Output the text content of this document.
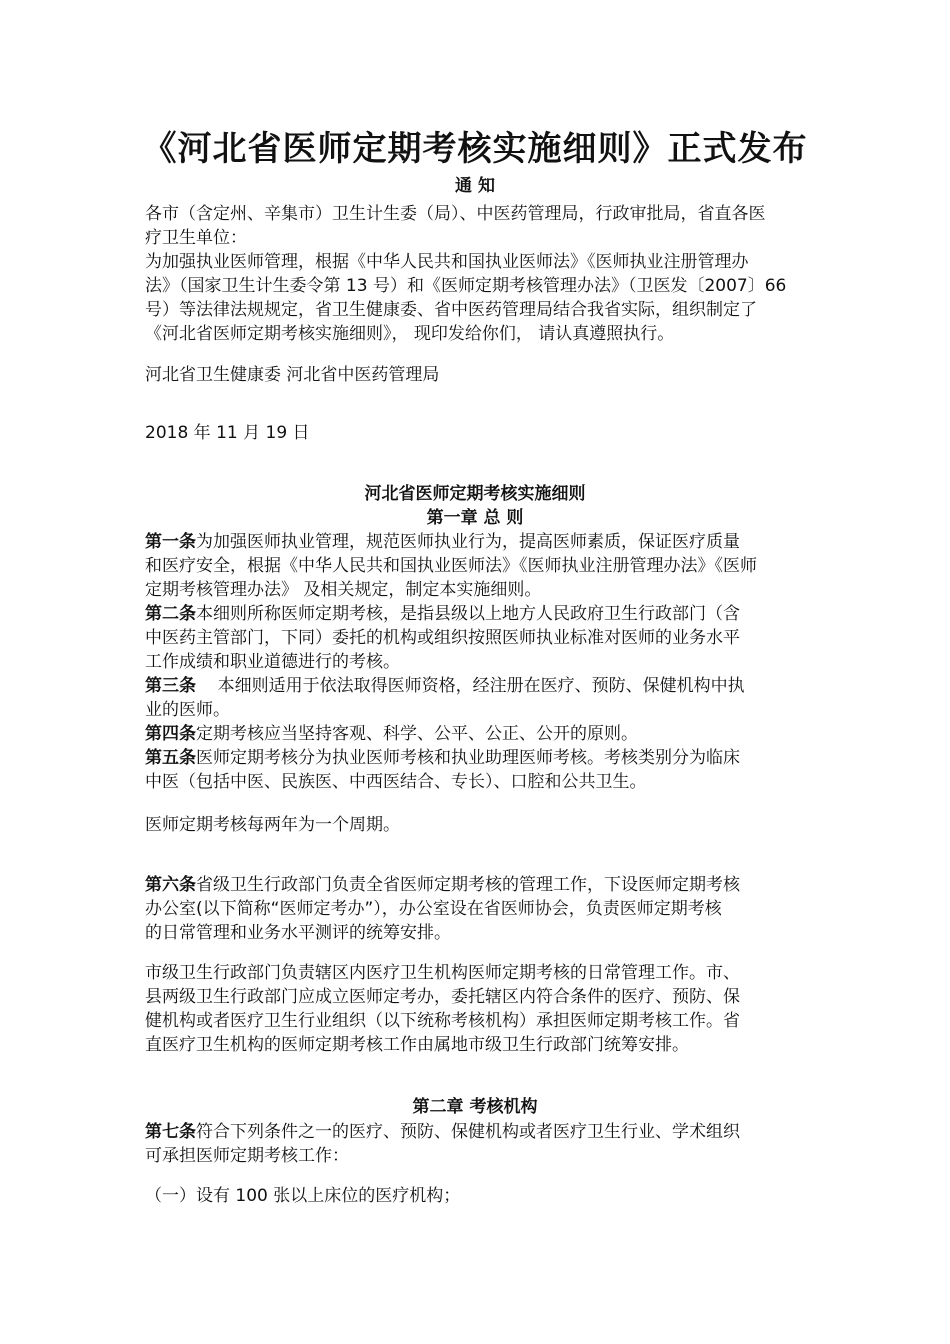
《河北省医师定期考核实施细则》正式发布
通 知
各市（含定州、辛集市）卫生计生委（局）、中医药管理局，行政审批局，省直各医
疗卫生单位：
为加强执业医师管理，根据《中华人民共和国执业医师法》《医师执业注册管理办
法》（国家卫生计生委令第 13 号）和《医师定期考核管理办法》（卫医发〔2007〕66
号）等法律法规规定，省卫生健康委、省中医药管理局结合我省实际，组织制定了
《河北省医师定期考核实施细则》， 现印发给你们， 请认真遵照执行。
河北省卫生健康委 河北省中医药管理局
2018 年 11 月 19 日
河北省医师定期考核实施细则
第一章 总 则
第一条为加强医师执业管理，规范医师执业行为，提高医师素质，保证医疗质量
和医疗安全，根据《中华人民共和国执业医师法》《医师执业注册管理办法》《医师
定期考核管理办法》 及相关规定，制定本实施细则。
第二条本细则所称医师定期考核，是指县级以上地方人民政府卫生行政部门（含
中医药主管部门，下同）委托的机构或组织按照医师执业标准对医师的业务水平
工作成绩和职业道德进行的考核。
第三条    本细则适用于依法取得医师资格，经注册在医疗、预防、保健机构中执
业的医师。
第四条定期考核应当坚持客观、科学、公平、公正、公开的原则。
第五条医师定期考核分为执业医师考核和执业助理医师考核。考核类别分为临床
中医（包括中医、民族医、中西医结合、专长）、口腔和公共卫生。
医师定期考核每两年为一个周期。
第六条省级卫生行政部门负责全省医师定期考核的管理工作，下设医师定期考核
办公室(以下简称“医师定考办”），办公室设在省医师协会，负责医师定期考核
的日常管理和业务水平测评的统筹安排。
市级卫生行政部门负责辖区内医疗卫生机构医师定期考核的日常管理工作。市、
县两级卫生行政部门应成立医师定考办，委托辖区内符合条件的医疗、预防、保
健机构或者医疗卫生行业组织（以下统称考核机构）承担医师定期考核工作。省
直医疗卫生机构的医师定期考核工作由属地市级卫生行政部门统筹安排。
第二章 考核机构
第七条符合下列条件之一的医疗、预防、保健机构或者医疗卫生行业、学术组织
可承担医师定期考核工作：
（一）设有 100 张以上床位的医疗机构；
